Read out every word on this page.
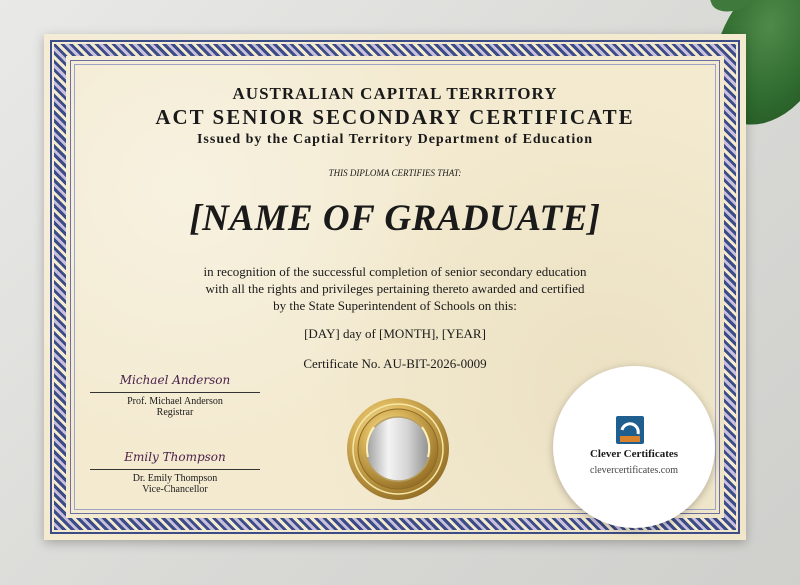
AUSTRALIAN CAPITAL TERRITORY
ACT SENIOR SECONDARY CERTIFICATE
Issued by the Captial Territory Department of Education
THIS DIPLOMA CERTIFIES THAT:
[NAME OF GRADUATE]
in recognition of the successful completion of senior secondary education
with all the rights and privileges pertaining thereto awarded and certified
by the State Superintendent of Schools on this:
[DAY] day of [MONTH], [YEAR]
Certificate No. AU-BIT-2026-0009
Michael Anderson
Prof. Michael Anderson
Registrar
Emily Thompson
Dr. Emily Thompson
Vice-Chancellor
Clever Certificates
clevercertificates.com
